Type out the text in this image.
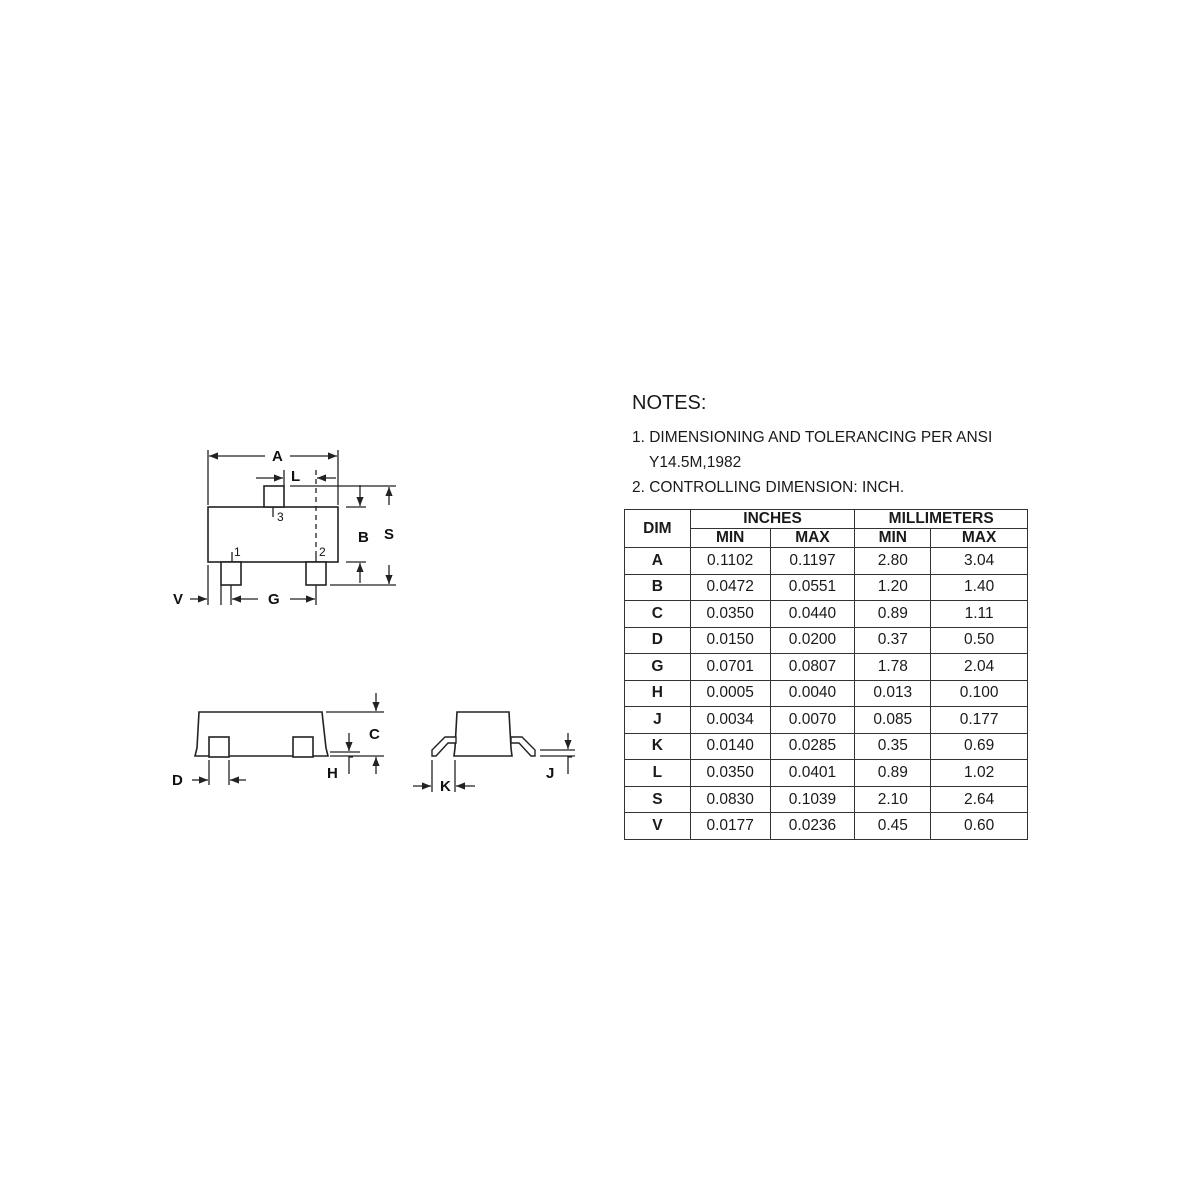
A
L
B S
V	G
C
D	H
K
J
3
1	2
NOTES:
1. DIMENSIONING AND TOLERANCING PER ANSI
Y14.5M,1982
2. CONTROLLING DIMENSION: INCH.
DIM	INCHES		MILLIMETERS	
	MIN	MAX	MIN	MAX
A	0.1102	0.1197	2.80	3.04
B	0.0472	0.0551	1.20	1.40
C	0.0350	0.0440	0.89	1.11
D	0.0150	0.0200	0.37	0.50
G	0.0701	0.0807	1.78	2.04
H	0.0005	0.0040	0.013	0.100
J	0.0034	0.0070	0.085	0.177
K	0.0140	0.0285	0.35	0.69
L	0.0350	0.0401	0.89	1.02
S	0.0830	0.1039	2.10	2.64
V	0.0177	0.0236	0.45	0.60
